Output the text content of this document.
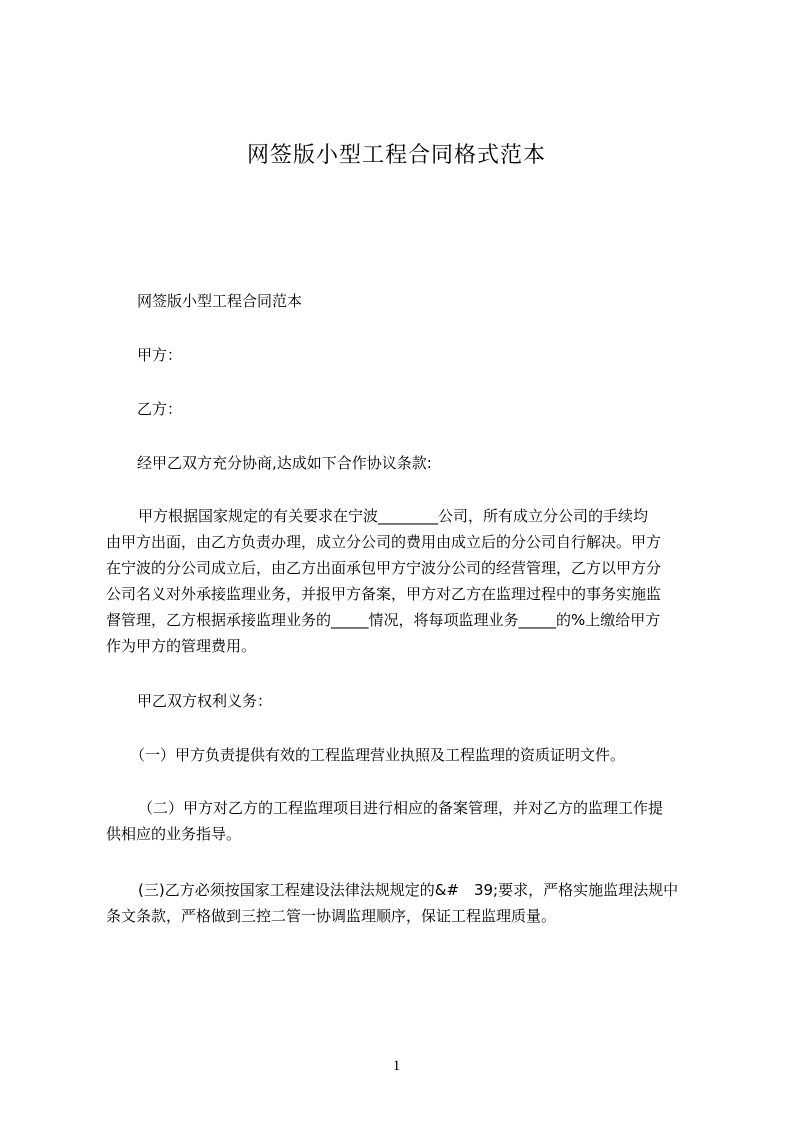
网签版小型工程合同格式范本
网签版小型工程合同范本
甲方：
乙方：
经甲乙双方充分协商,达成如下合作协议条款:
甲方根据国家规定的有关要求在宁波________公司，所有成立分公司的手续均
由甲方出面，由乙方负责办理，成立分公司的费用由成立后的分公司自行解决。甲方
在宁波的分公司成立后，由乙方出面承包甲方宁波分公司的经营管理，乙方以甲方分
公司名义对外承接监理业务，并报甲方备案，甲方对乙方在监理过程中的事务实施监
督管理，乙方根据承接监理业务的_____情况，将每项监理业务_____的%上缴给甲方
作为甲方的管理费用。
甲乙双方权利义务：
（一）甲方负责提供有效的工程监理营业执照及工程监理的资质证明文件。
（二）甲方对乙方的工程监理项目进行相应的备案管理，并对乙方的监理工作提
供相应的业务指导。
(三)乙方必须按国家工程建设法律法规规定的&#　39;要求，严格实施监理法规中
条文条款，严格做到三控二管一协调监理顺序，保证工程监理质量。
1
